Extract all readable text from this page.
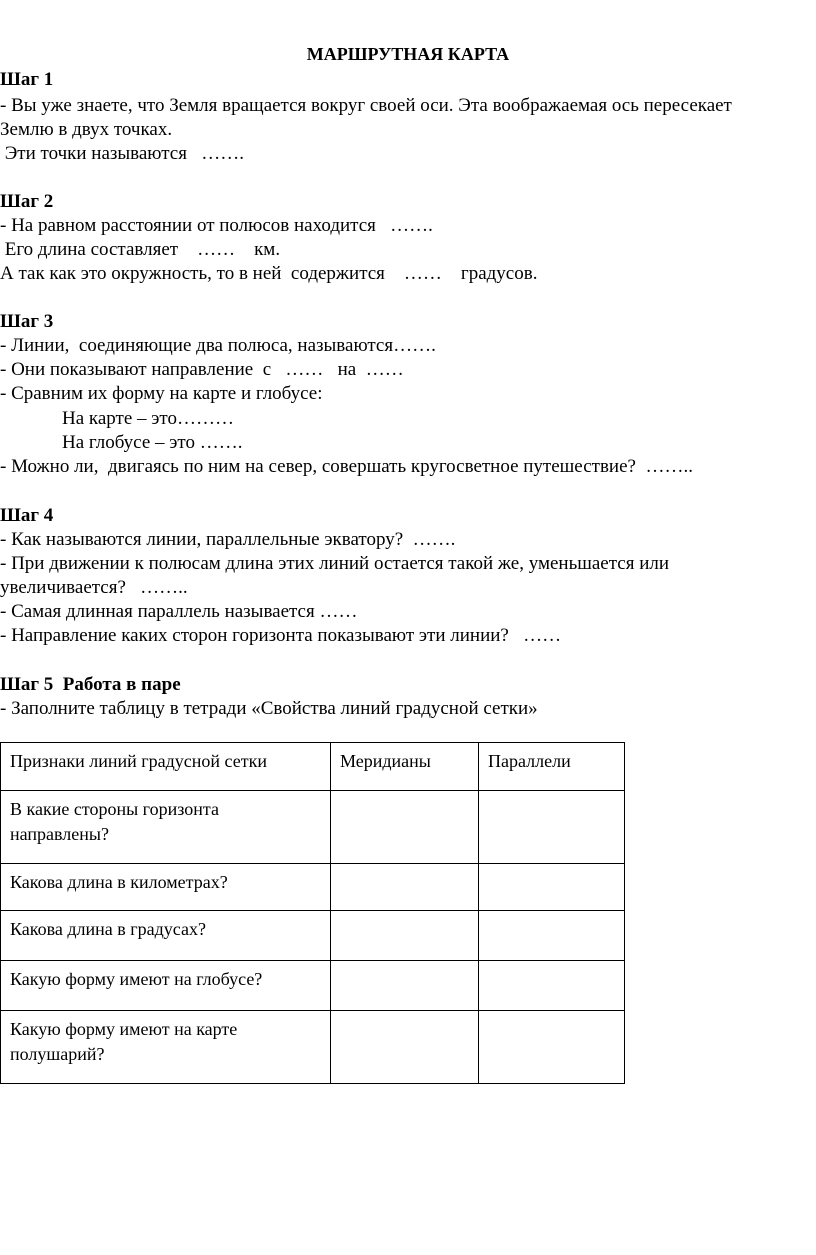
МАРШРУТНАЯ КАРТА
Шаг 1
- Вы уже знаете, что Земля вращается вокруг своей оси. Эта воображаемая ось пересекает
Землю в двух точках.
Эти точки называются   …….
Шаг 2
- На равном расстоянии от полюсов находится   …….
Его длина составляет    ……    км.
А так как это окружность, то в ней  содержится    ……    градусов.
Шаг 3
- Линии,  соединяющие два полюса, называются…….
- Они показывают направление  с   ……   на  ……
- Сравним их форму на карте и глобусе:
На карте – это………
На глобусе – это …….
- Можно ли,  двигаясь по ним на север, совершать кругосветное путешествие?  ……..
Шаг 4
- Как называются линии, параллельные экватору?  …….
- При движении к полюсам длина этих линий остается такой же, уменьшается или
увеличивается?   ……..
- Самая длинная параллель называется ……
- Направление каких сторон горизонта показывают эти линии?   ……
Шаг 5  Работа в паре
- Заполните таблицу в тетради «Свойства линий градусной сетки»
Признаки линий градусной сетки	Меридианы	Параллели
В какие стороны горизонта направлены?		
Какова длина в километрах?		
Какова длина в градусах?		
Какую форму имеют на глобусе?		
Какую форму имеют на карте полушарий?		
